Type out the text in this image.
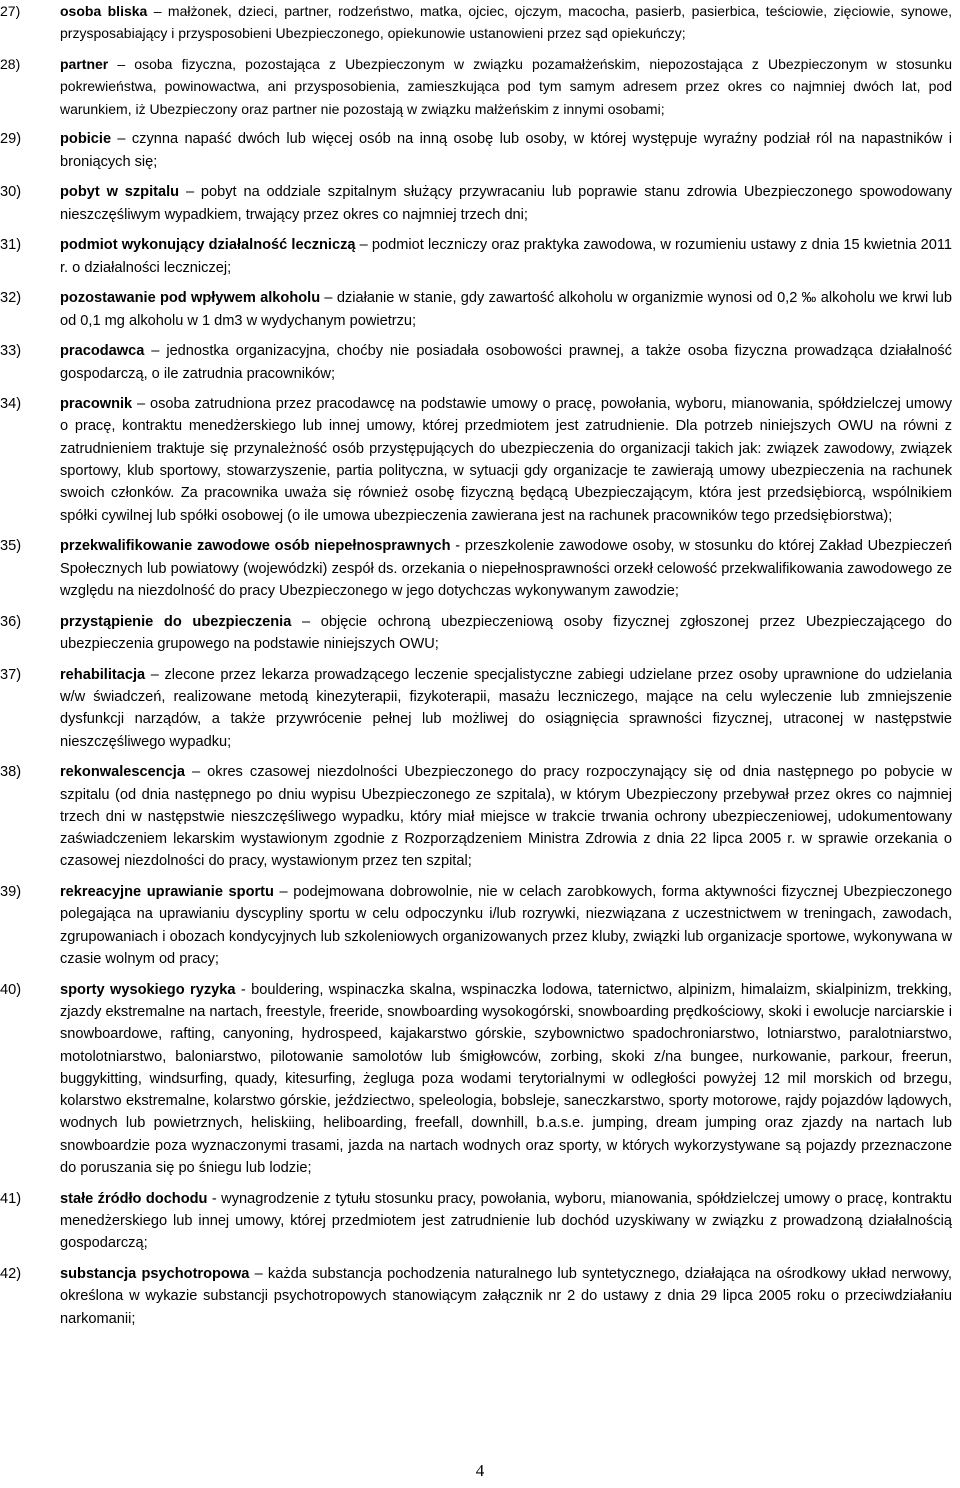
27)	osoba bliska – małżonek, dzieci, partner, rodzeństwo, matka, ojciec, ojczym, macocha, pasierb, pasierbica, teściowie, zięciowie, synowe, przysposabiający i przysposobieni Ubezpieczonego, opiekunowie ustanowieni przez sąd opiekuńczy;
28)	partner – osoba fizyczna, pozostająca z Ubezpieczonym w związku pozamałżeńskim, niepozostająca z Ubezpieczonym w stosunku pokrewieństwa, powinowactwa, ani przysposobienia, zamieszkująca pod tym samym adresem przez okres co najmniej dwóch lat, pod warunkiem, iż Ubezpieczony oraz partner nie pozostają w związku małżeńskim z innymi osobami;
29)	pobicie – czynna napaść dwóch lub więcej osób na inną osobę lub osoby, w której występuje wyraźny podział ról na napastników i broniących się;
30)	pobyt w szpitalu – pobyt na oddziale szpitalnym służący przywracaniu lub poprawie stanu zdrowia Ubezpieczonego spowodowany nieszczęśliwym wypadkiem, trwający przez okres co najmniej trzech dni;
31)	podmiot wykonujący działalność leczniczą – podmiot leczniczy oraz praktyka zawodowa, w rozumieniu ustawy z dnia 15 kwietnia 2011 r. o działalności leczniczej;
32)	pozostawanie pod wpływem alkoholu – działanie w stanie, gdy zawartość alkoholu w organizmie wynosi od 0,2 ‰ alkoholu we krwi lub od 0,1 mg alkoholu w 1 dm3 w wydychanym powietrzu;
33)	pracodawca – jednostka organizacyjna, choćby nie posiadała osobowości prawnej, a także osoba fizyczna prowadząca działalność gospodarczą, o ile zatrudnia pracowników;
34)	pracownik – osoba zatrudniona przez pracodawcę na podstawie umowy o pracę, powołania, wyboru, mianowania, spółdzielczej umowy o pracę, kontraktu menedżerskiego lub innej umowy, której przedmiotem jest zatrudnienie. Dla potrzeb niniejszych OWU na równi z zatrudnieniem traktuje się przynależność osób przystępujących do ubezpieczenia do organizacji takich jak: związek zawodowy, związek sportowy, klub sportowy, stowarzyszenie, partia polityczna, w sytuacji gdy organizacje te zawierają umowy ubezpieczenia na rachunek swoich członków. Za pracownika uważa się również osobę fizyczną będącą Ubezpieczającym, która jest przedsiębiorcą, wspólnikiem spółki cywilnej lub spółki osobowej (o ile umowa ubezpieczenia zawierana jest na rachunek pracowników tego przedsiębiorstwa);
35)	przekwalifikowanie zawodowe osób niepełnosprawnych - przeszkolenie zawodowe osoby, w stosunku do której Zakład Ubezpieczeń Społecznych lub powiatowy (wojewódzki) zespół ds. orzekania o niepełnosprawności orzekł celowość przekwalifikowania zawodowego ze względu na niezdolność do pracy Ubezpieczonego w jego dotychczas wykonywanym zawodzie;
36)	przystąpienie do ubezpieczenia – objęcie ochroną ubezpieczeniową osoby fizycznej zgłoszonej przez Ubezpieczającego do ubezpieczenia grupowego na podstawie niniejszych OWU;
37)	rehabilitacja – zlecone przez lekarza prowadzącego leczenie specjalistyczne zabiegi udzielane przez osoby uprawnione do udzielania w/w świadczeń, realizowane metodą kinezyterapii, fizykoterapii, masażu leczniczego, mające na celu wyleczenie lub zmniejszenie dysfunkcji narządów, a także przywrócenie pełnej lub możliwej do osiągnięcia sprawności fizycznej, utraconej w następstwie nieszczęśliwego wypadku;
38)	rekonwalescencja – okres czasowej niezdolności Ubezpieczonego do pracy rozpoczynający się od dnia następnego po pobycie w szpitalu (od dnia następnego po dniu wypisu Ubezpieczonego ze szpitala), w którym Ubezpieczony przebywał przez okres co najmniej trzech dni w następstwie nieszczęśliwego wypadku, który miał miejsce w trakcie trwania ochrony ubezpieczeniowej, udokumentowany zaświadczeniem lekarskim wystawionym zgodnie z Rozporządzeniem Ministra Zdrowia z dnia 22 lipca 2005 r. w sprawie orzekania o czasowej niezdolności do pracy, wystawionym przez ten szpital;
39)	rekreacyjne uprawianie sportu – podejmowana dobrowolnie, nie w celach zarobkowych, forma aktywności fizycznej Ubezpieczonego polegająca na uprawianiu dyscypliny sportu w celu odpoczynku i/lub rozrywki, niezwiązana z uczestnictwem w treningach, zawodach, zgrupowaniach i obozach kondycyjnych lub szkoleniowych organizowanych przez kluby, związki lub organizacje sportowe, wykonywana w czasie wolnym od pracy;
40)	sporty wysokiego ryzyka - bouldering, wspinaczka skalna, wspinaczka lodowa, taternictwo, alpinizm, himalaizm, skialpinizm, trekking, zjazdy ekstremalne na nartach, freestyle, freeride, snowboarding wysokogórski, snowboarding prędkościowy, skoki i ewolucje narciarskie i snowboardowe, rafting, canyoning, hydrospeed, kajakarstwo górskie, szybownictwo spadochroniarstwo, lotniarstwo, paralotniarstwo, motolotniarstwo, baloniarstwo, pilotowanie samolotów lub śmigłowców, zorbing, skoki z/na bungee, nurkowanie, parkour, freerun, buggykitting, windsurfing, quady, kitesurfing, żegluga poza wodami terytorialnymi w odległości powyżej 12 mil morskich od brzegu, kolarstwo ekstremalne, kolarstwo górskie, jeździectwo, speleologia, bobsleje, saneczkarstwo, sporty motorowe, rajdy pojazdów lądowych, wodnych lub powietrznych, heliskiing, heliboarding, freefall, downhill, b.a.s.e. jumping, dream jumping oraz zjazdy na nartach lub snowboardzie poza wyznaczonymi trasami, jazda na nartach wodnych oraz sporty, w których wykorzystywane są pojazdy przeznaczone do poruszania się po śniegu lub lodzie;
41)	stałe źródło dochodu - wynagrodzenie z tytułu stosunku pracy, powołania, wyboru, mianowania, spółdzielczej umowy o pracę, kontraktu menedżerskiego lub innej umowy, której przedmiotem jest zatrudnienie lub dochód uzyskiwany w związku z prowadzoną działalnością gospodarczą;
42)	substancja psychotropowa – każda substancja pochodzenia naturalnego lub syntetycznego, działająca na ośrodkowy układ nerwowy, określona w wykazie substancji psychotropowych stanowiącym załącznik nr 2 do ustawy z dnia 29 lipca 2005 roku o przeciwdziałaniu narkomanii;
4
